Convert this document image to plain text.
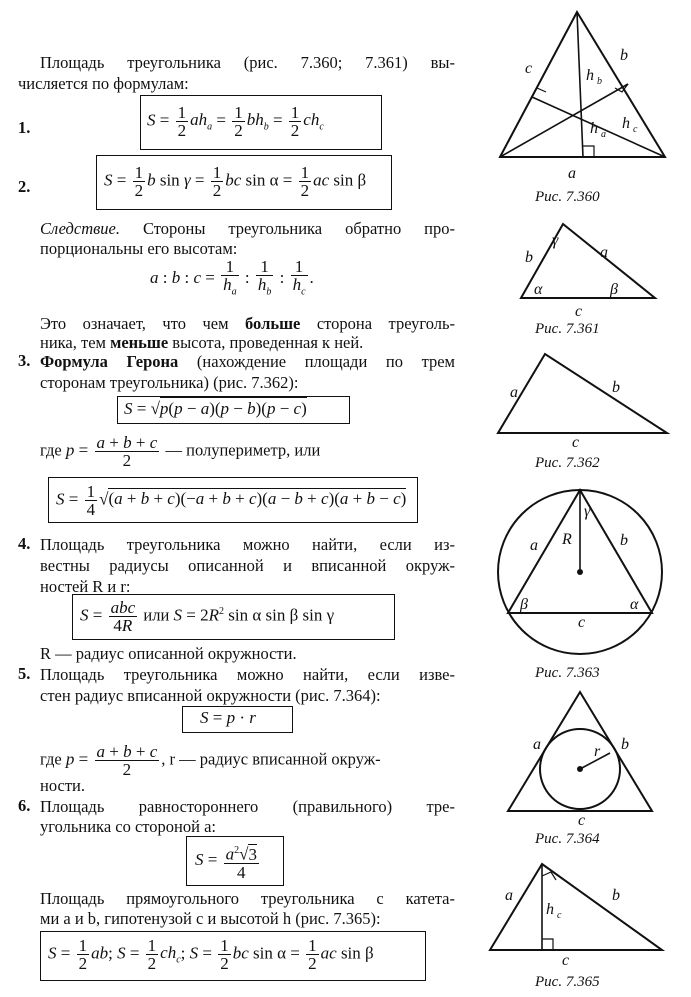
Площадь треугольника (рис. 7.360; 7.361) вы-
числяется по формулам:
1.	$S = \frac{1}{2} ah_a = \frac{1}{2} bh_b = \frac{1}{2} ch_c$
2.	$S = \frac{1}{2}$ b $\sin \gamma = \frac{1}{2}$ bc $\sin \alpha = \frac{1}{2}$ ac sin β
Следствие. Стороны треугольника обратно про-
порциональны его высотам:
a : b : $c = \frac{1}{h_a}$ : $\frac{1}{h_b}$ : $\frac{1}{h_c}$ .
Это означает, что чем больше сторона треуголь-
ника, тем меньше высота, проведенная к ней.
3. Формула Герона (нахождение площади по трем
сторонам треугольника) (рис. 7.362):
S = √p(p − a)(p − b)(p − c)
где $p = \frac{a + b + c}{2}$ — полупериметр, или
$S = \frac{1}{4} √(a + b + c)(-a + b + c)(a - b + c)(a + b - c)$
4. Площадь треугольника можно найти, если из-
вестны радиусы описанной и вписанной окруж-
ностей R и r:
$S = \frac{\text{abc}}{4R}$ или $S = 2R^2$ sin α sin β sin γ
R — радиус описанной окружности.
5. Площадь треугольника можно найти, если изве-
стен радиус вписанной окружности (рис. 7.364):
S = p · r
где $p = \frac{a + b + c}{2}$ , r — радиус вписанной окруж-
ности.
6. Площадь равностороннего (правильного) тре-
угольника со стороной a:
$S = \frac{a^2√3}{4}$
Площадь прямоугольного треугольника с катета-
ми a и b, гипотенузой c и высотой h (рис. 7.365):
$S = \frac{1}{2}$ ab; $S = \frac{1}{2} ch_c$; $S = \frac{1}{2}$ bc $\sin \alpha = \frac{1}{2}$ ac sin β
c
b
a
h b
h a
h c
b	a
c
γ
α	β
a	b
c
a	b
c
R
γ
β	α
a	b
c
r
a	b
c
h c
Рис. 7.360
Рис. 7.361
Рис. 7.362
Рис. 7.363
Рис. 7.364
Рис. 7.365
